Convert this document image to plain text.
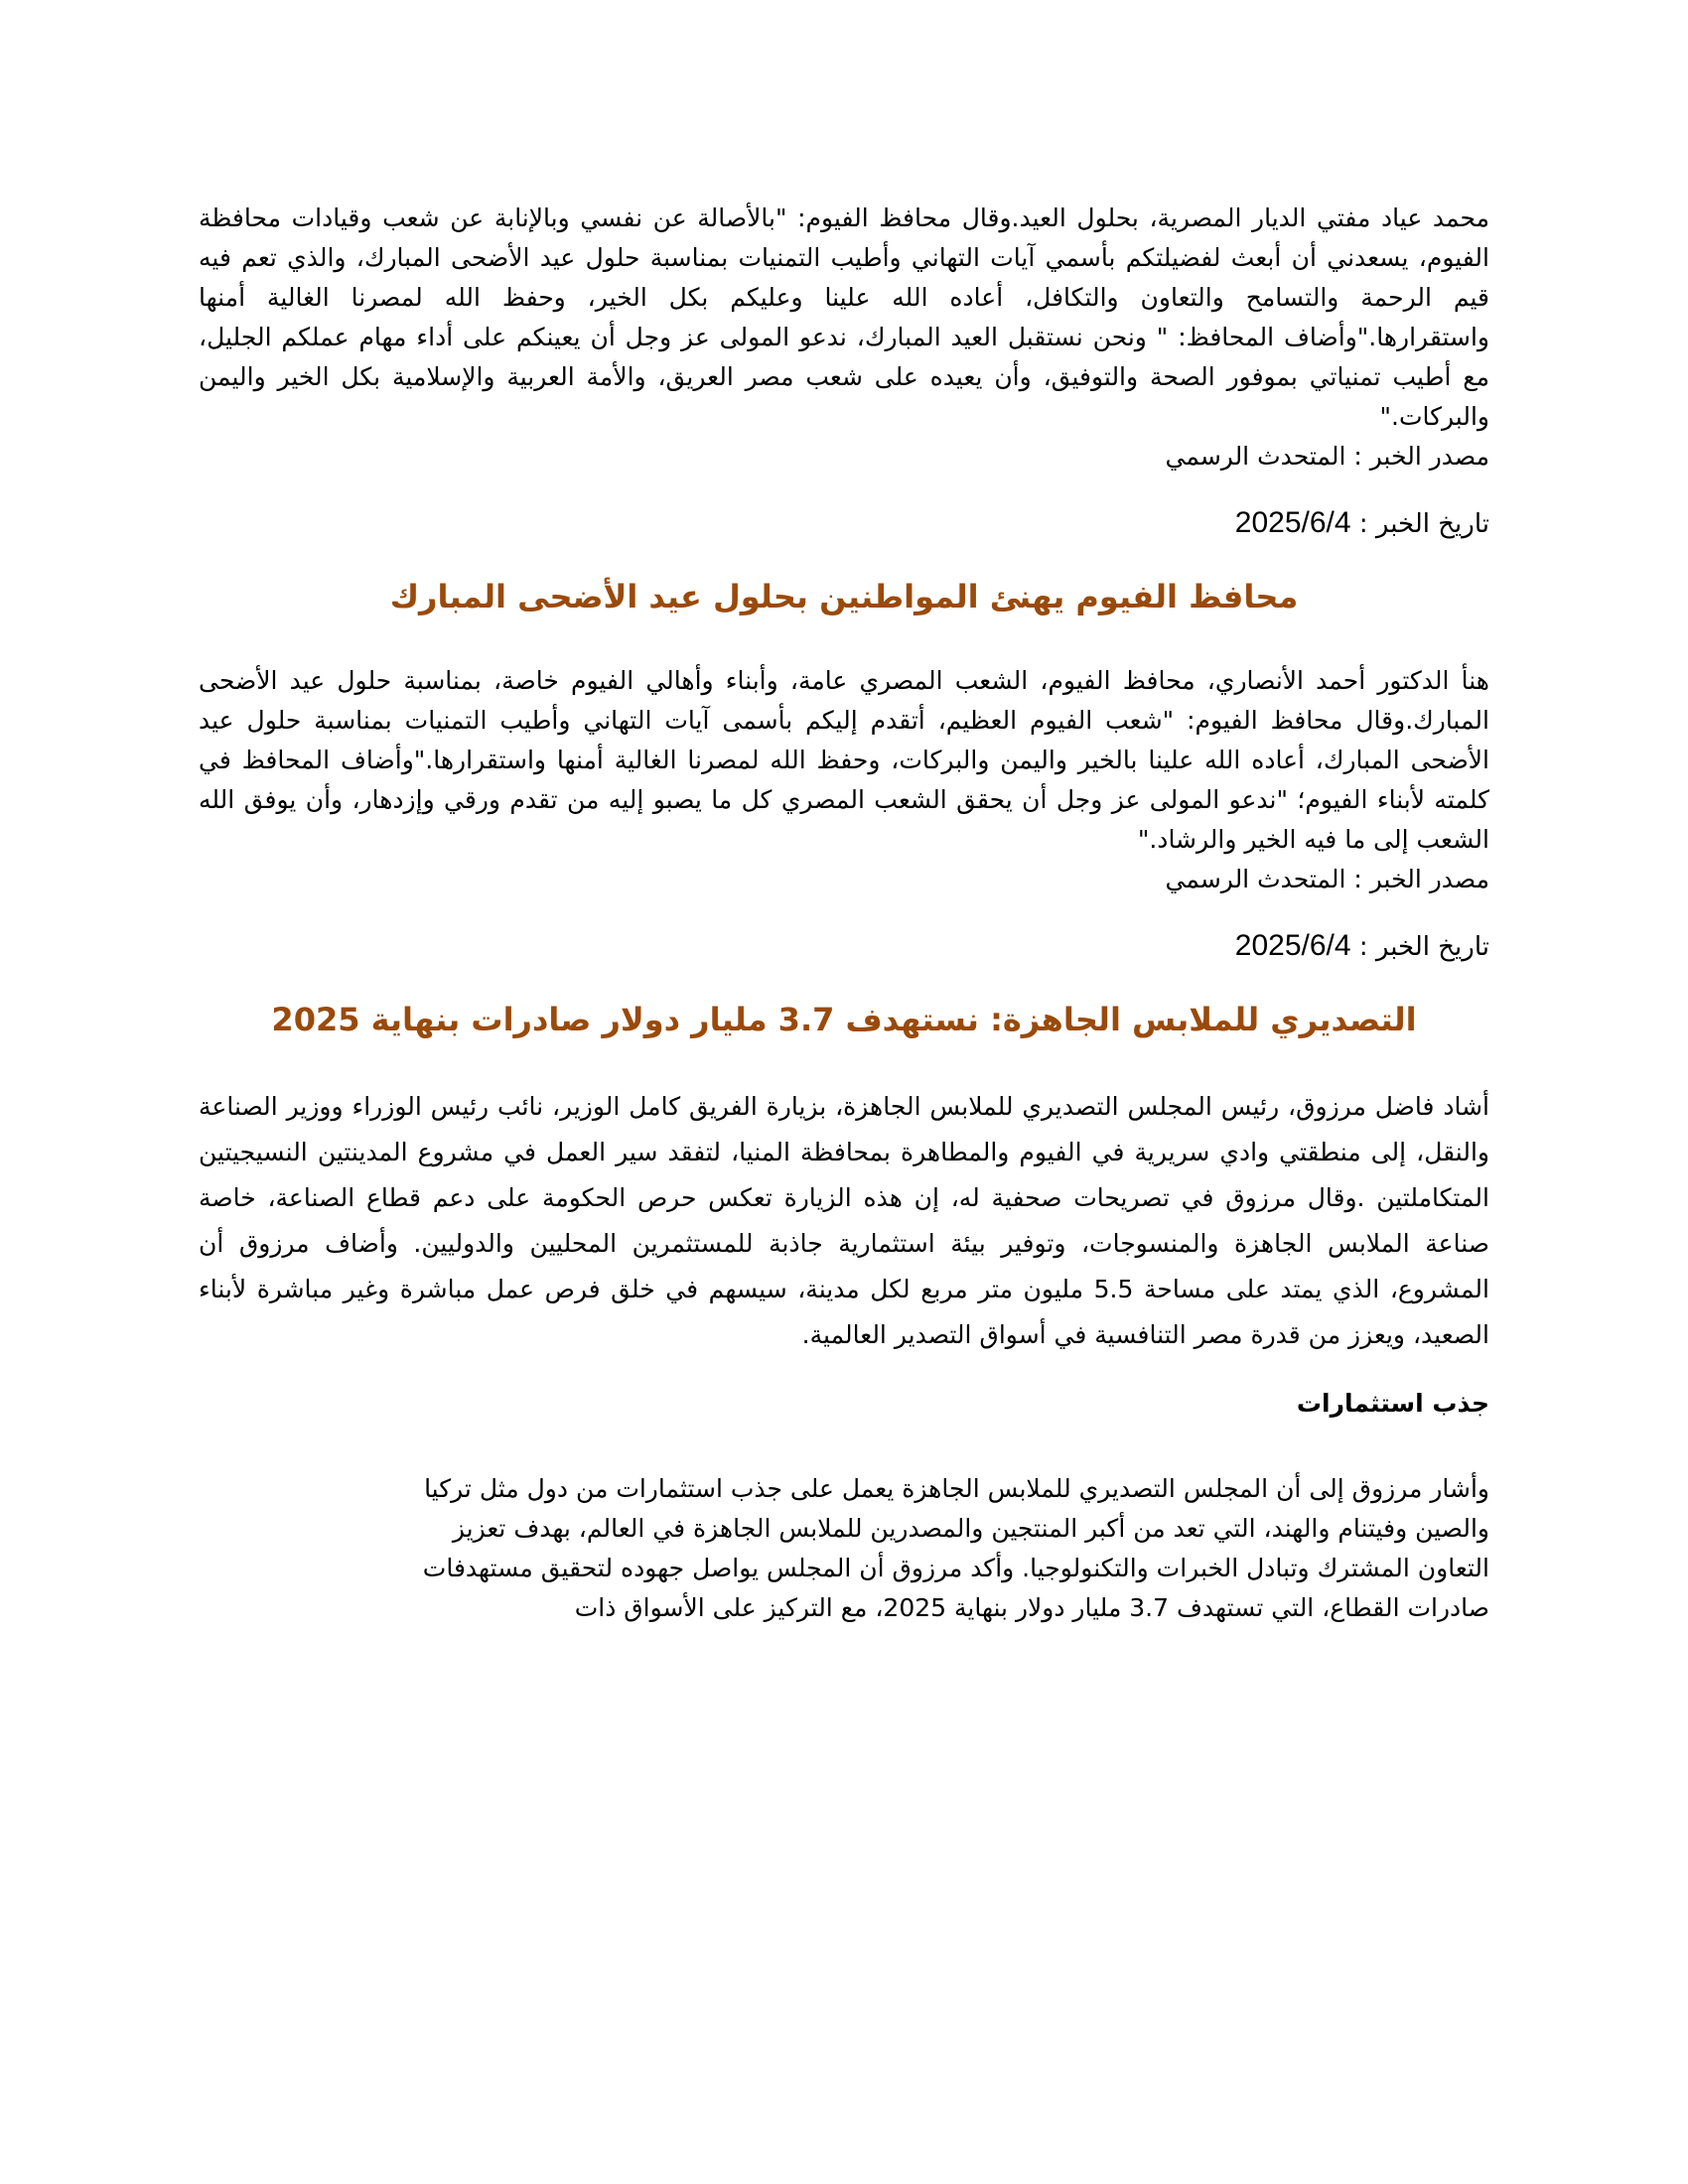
محمد عياد مفتي الديار المصرية، بحلول العيد.وقال محافظ الفيوم: "بالأصالة عن نفسي وبالإنابة عن شعب وقيادات محافظة الفيوم، يسعدني أن أبعث لفضيلتكم بأسمي آيات التهاني وأطيب التمنيات بمناسبة حلول عيد الأضحى المبارك، والذي تعم فيه قيم الرحمة والتسامح والتعاون والتكافل، أعاده الله علينا وعليكم بكل الخير، وحفظ الله لمصرنا الغالية أمنها واستقرارها."وأضاف المحافظ: " ونحن نستقبل العيد المبارك، ندعو المولى عز وجل أن يعينكم على أداء مهام عملكم الجليل، مع أطيب تمنياتي بموفور الصحة والتوفيق، وأن يعيده على شعب مصر العريق، والأمة العربية والإسلامية بكل الخير واليمن والبركات."

مصدر الخبر : المتحدث الرسمي
تاريخ الخبر : 2025/6/4
محافظ الفيوم يهنئ المواطنين بحلول عيد الأضحى المبارك

هنأ الدكتور أحمد الأنصاري، محافظ الفيوم، الشعب المصري عامة، وأبناء وأهالي الفيوم خاصة، بمناسبة حلول عيد الأضحى المبارك.وقال محافظ الفيوم: "شعب الفيوم العظيم، أتقدم إليكم بأسمى آيات التهاني وأطيب التمنيات بمناسبة حلول عيد الأضحى المبارك، أعاده الله علينا بالخير واليمن والبركات، وحفظ الله لمصرنا الغالية أمنها واستقرارها."وأضاف المحافظ في كلمته لأبناء الفيوم؛ "ندعو المولى عز وجل أن يحقق الشعب المصري كل ما يصبو إليه من تقدم ورقي وإزدهار، وأن يوفق الله الشعب إلى ما فيه الخير والرشاد."

مصدر الخبر : المتحدث الرسمي
تاريخ الخبر : 2025/6/4
التصديري للملابس الجاهزة: نستهدف 3.7 مليار دولار صادرات بنهاية 2025

أشاد فاضل مرزوق، رئيس المجلس التصديري للملابس الجاهزة، بزيارة الفريق كامل الوزير، نائب رئيس الوزراء ووزير الصناعة والنقل، إلى منطقتي وادي سريرية في الفيوم والمطاهرة بمحافظة المنيا، لتفقد سير العمل في مشروع المدينتين النسيجيتين المتكاملتين .وقال مرزوق في تصريحات صحفية له، إن هذه الزيارة تعكس حرص الحكومة على دعم قطاع الصناعة، خاصة صناعة الملابس الجاهزة والمنسوجات، وتوفير بيئة استثمارية جاذبة للمستثمرين المحليين والدوليين. وأضاف مرزوق أن المشروع، الذي يمتد على مساحة 5.5 مليون متر مربع لكل مدينة، سيسهم في خلق فرص عمل مباشرة وغير مباشرة لأبناء الصعيد، ويعزز من قدرة مصر التنافسية في أسواق التصدير العالمية.

جذب استثمارات
وأشار مرزوق إلى أن المجلس التصديري للملابس الجاهزة يعمل على جذب استثمارات من دول مثل تركيا
والصين وفيتنام والهند، التي تعد من أكبر المنتجين والمصدرين للملابس الجاهزة في العالم، بهدف تعزيز
التعاون المشترك وتبادل الخبرات والتكنولوجيا. وأكد مرزوق أن المجلس يواصل جهوده لتحقيق مستهدفات
صادرات القطاع، التي تستهدف 3.7 مليار دولار بنهاية 2025، مع التركيز على الأسواق ذات
